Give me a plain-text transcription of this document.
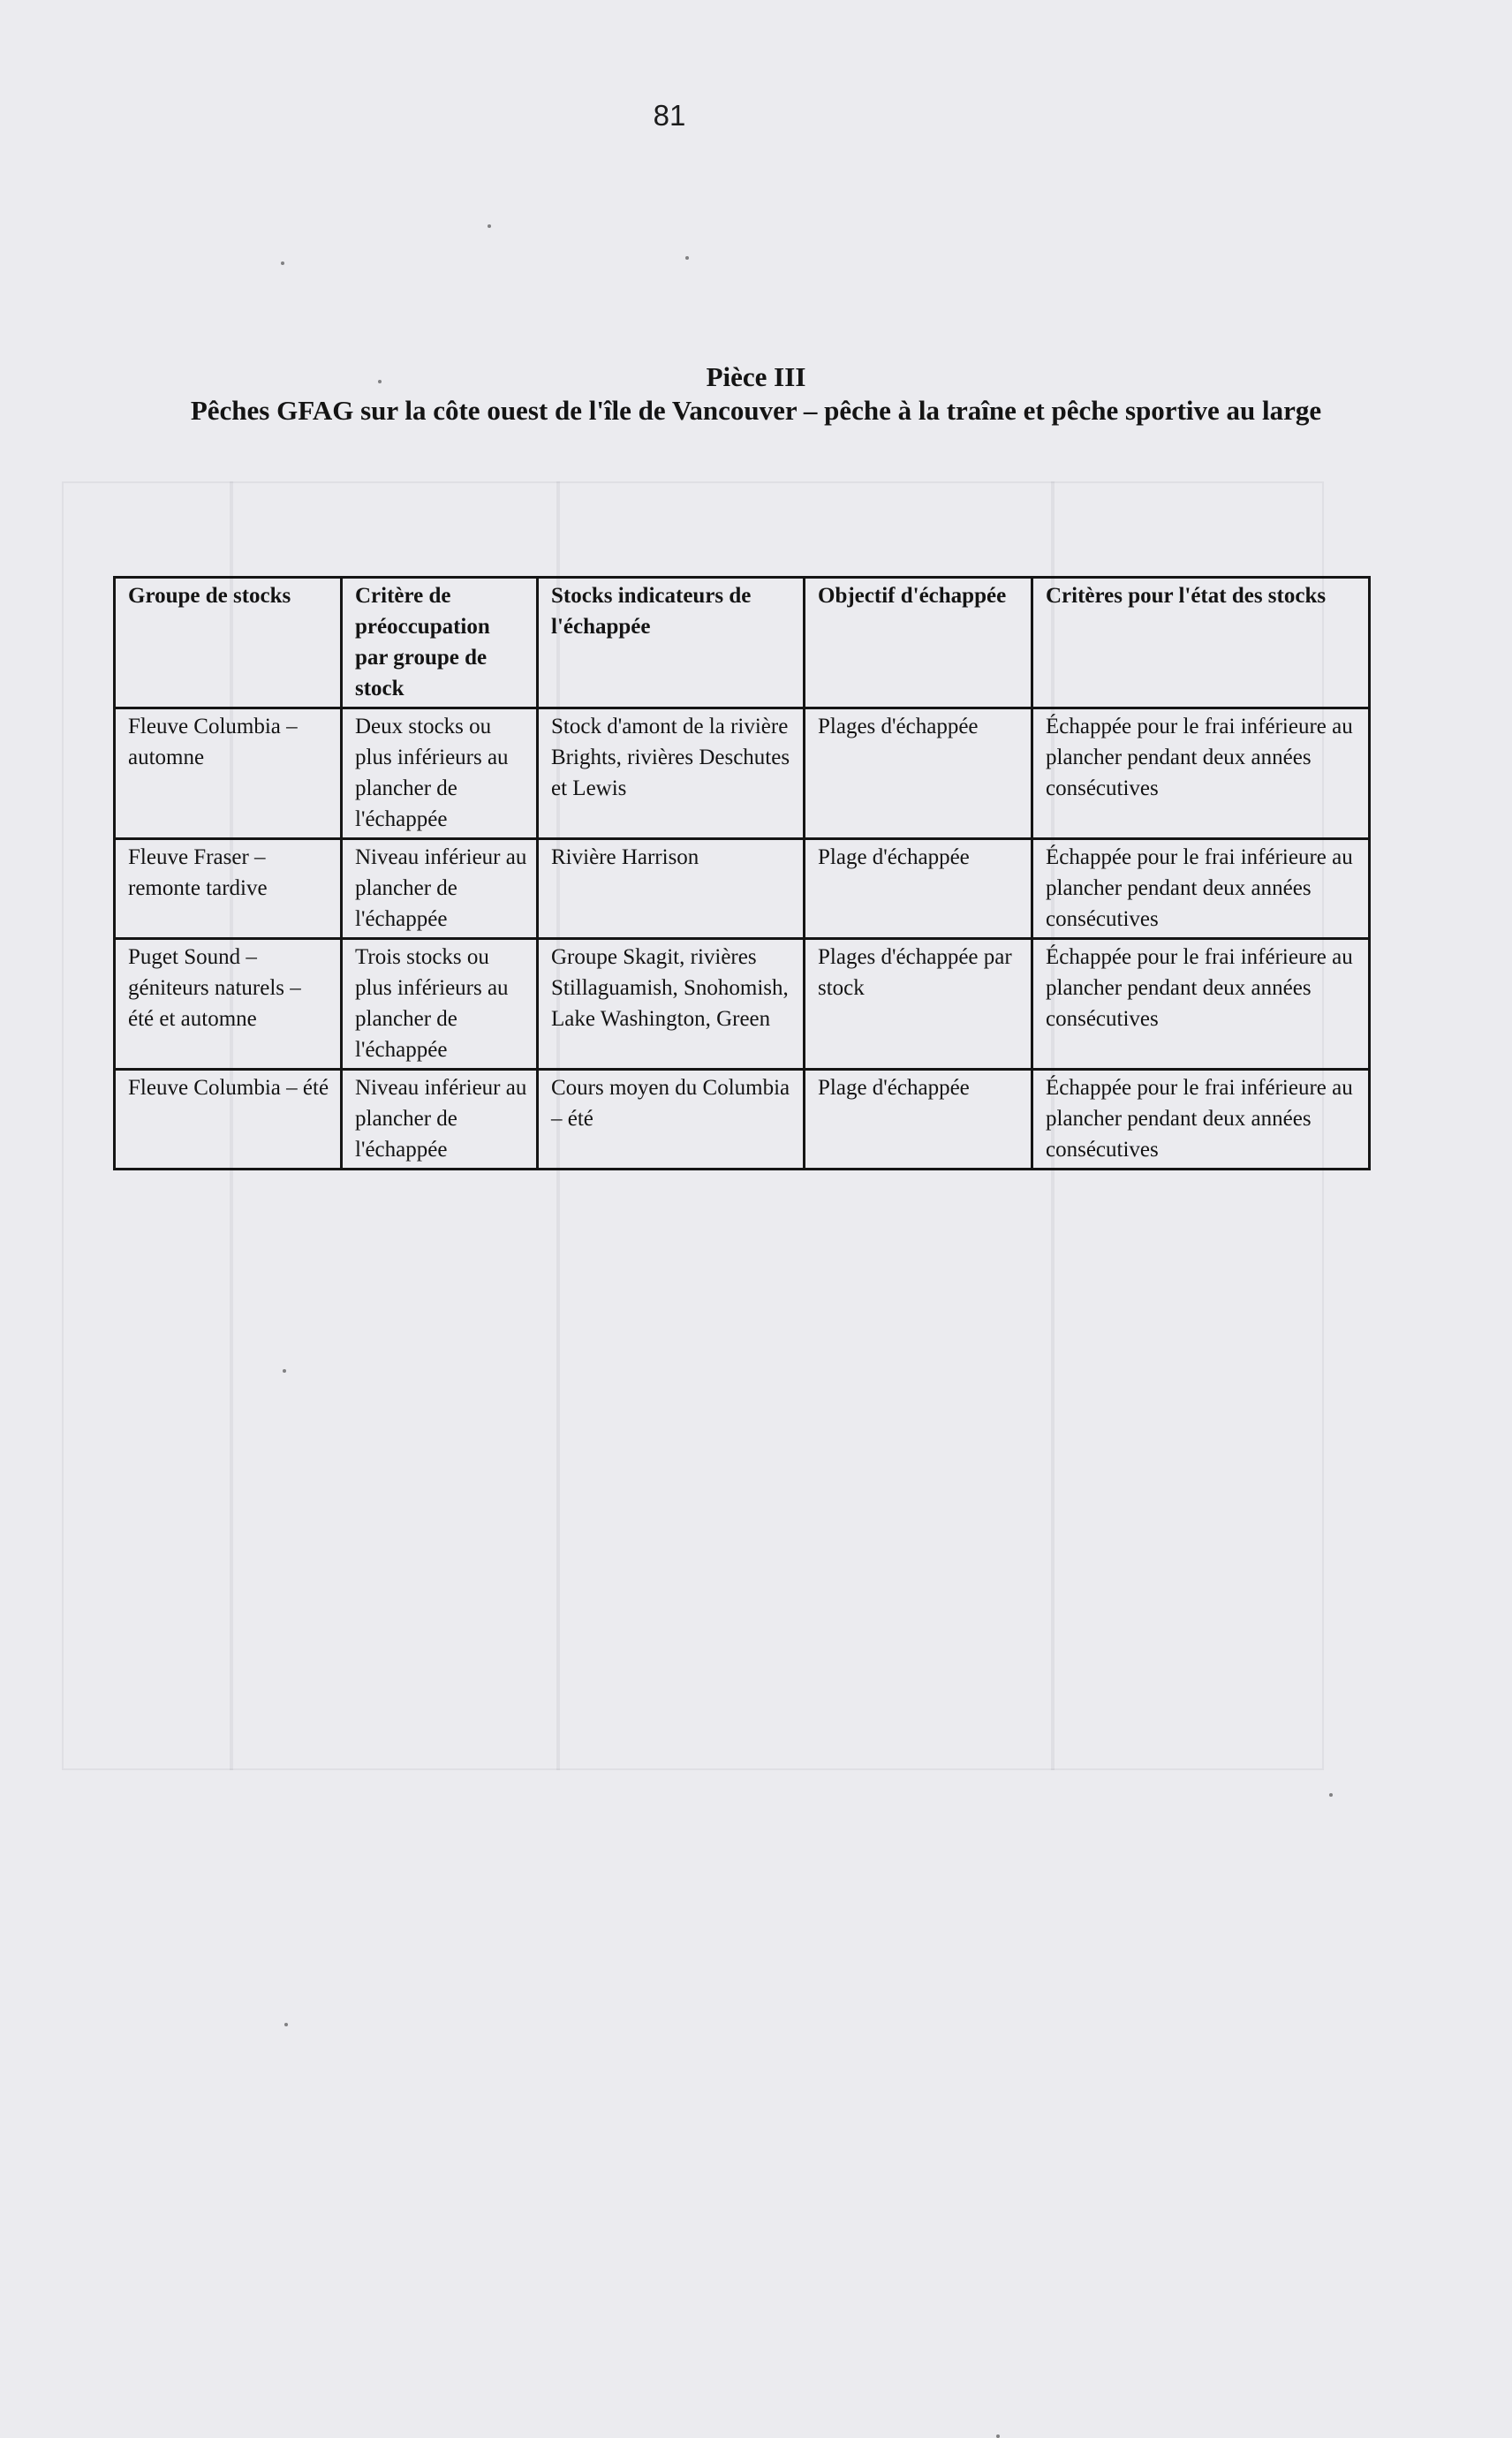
81
Pièce III
Pêches GFAG sur la côte ouest de l'île de Vancouver – pêche à la traîne et pêche sportive au large
Groupe de stocks	Critère de préoccupation par groupe de stock	Stocks indicateurs de l'échappée	Objectif d'échappée	Critères pour l'état des stocks
Fleuve Columbia – automne	Deux stocks ou plus inférieurs au plancher de l'échappée	Stock d'amont de la rivière Brights, rivières Deschutes et Lewis	Plages d'échappée	Échappée pour le frai inférieure au plancher pendant deux années consécutives
Fleuve Fraser – remonte tardive	Niveau inférieur au plancher de l'échappée	Rivière Harrison	Plage d'échappée	Échappée pour le frai inférieure au plancher pendant deux années consécutives
Puget Sound – géniteurs naturels – été et automne	Trois stocks ou plus inférieurs au plancher de l'échappée	Groupe Skagit, rivières Stillaguamish, Snohomish, Lake Washington, Green	Plages d'échappée par stock	Échappée pour le frai inférieure au plancher pendant deux années consécutives
Fleuve Columbia – été	Niveau inférieur au plancher de l'échappée	Cours moyen du Columbia – été	Plage d'échappée	Échappée pour le frai inférieure au plancher pendant deux années consécutives
